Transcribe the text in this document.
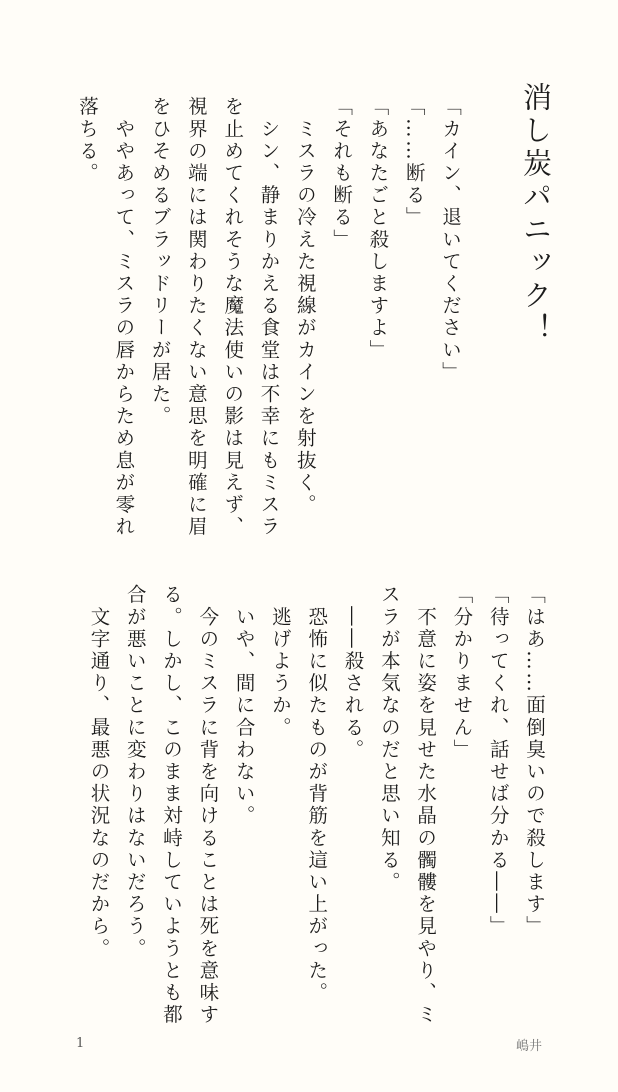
消し炭パニック！
「カイン、退いてください」
「……断る」
「あなたごと殺しますよ」
「それも断る」
　ミスラの冷えた視線がカインを射抜く。
　シン、静まりかえる食堂は不幸にもミスラ
を止めてくれそうな魔法使いの影は見えず、
視界の端には関わりたくない意思を明確に眉
をひそめるブラッドリーが居た。
　ややあって、ミスラの唇からため息が零れ
落ちる。
「はあ……面倒臭いので殺します」
「待ってくれ、話せば分かる――」
「分かりません」
　不意に姿を見せた水晶の髑髏を見やり、ミ
スラが本気なのだと思い知る。
　――殺される。
　恐怖に似たものが背筋を這い上がった。
　逃げようか。
　いや、間に合わない。
　今のミスラに背を向けることは死を意味す
る。しかし、このまま対峙していようとも都
合が悪いことに変わりはないだろう。
　文字通り、最悪の状況なのだから。
1	嶋井
